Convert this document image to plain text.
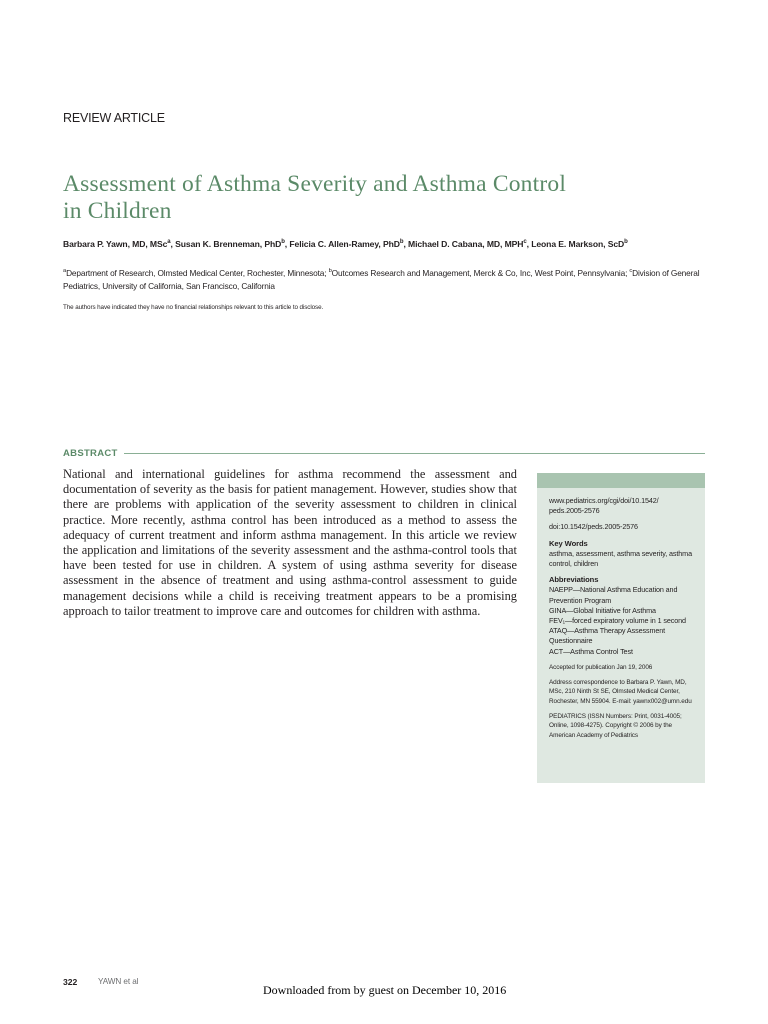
REVIEW ARTICLE
Assessment of Asthma Severity and Asthma Control
in Children
Barbara P. Yawn, MD, MSc$^a$, Susan K. Brenneman, PhD$^b$, Felicia C. Allen-Ramey, PhD$^b$, Michael D. Cabana, MD, MPH$^c$, Leona E. Markson, ScD$^b$
$^a$Department of Research, Olmsted Medical Center, Rochester, Minnesota; $^b$Outcomes Research and Management, Merck & Co, Inc, West Point, Pennsylvania; $^c$Division of General Pediatrics, University of California, San Francisco, California
The authors have indicated they have no financial relationships relevant to this article to disclose.
ABSTRACT

National and international guidelines for asthma recommend the assessment and documentation of severity as the basis for patient management. However, studies show that there are problems with application of the severity assessment to children in clinical practice. More recently, asthma control has been introduced as a method to assess the adequacy of current treatment and inform asthma management. In this article we review the application and limitations of the severity assessment and the asthma-control tools that have been tested for use in children. A system of using asthma severity for disease assessment in the absence of treatment and using asthma-control assessment to guide management decisions while a child is receiving treatment appears to be a promising approach to tailor treatment to improve care and outcomes for children with asthma.

www.pediatrics.org/cgi/doi/10.1542/
peds.2005-2576

doi:10.1542/peds.2005-2576

Key Words

asthma, assessment, asthma severity, asthma control, children

Abbreviations

NAEPP—National Asthma Education and Prevention Program
GINA—Global Initiative for Asthma
FEV₁—forced expiratory volume in 1 second
ATAQ—Asthma Therapy Assessment Questionnaire
ACT—Asthma Control Test

Accepted for publication Jan 19, 2006

Address correspondence to Barbara P. Yawn, MD, MSc, 210 Ninth St SE, Olmsted Medical Center, Rochester, MN 55904. E-mail: yawnx002@umn.edu

PEDIATRICS (ISSN Numbers: Print, 0031-4005; Online, 1098-4275). Copyright © 2006 by the American Academy of Pediatrics

322	YAWN et al
Downloaded from by guest on December 10, 2016
